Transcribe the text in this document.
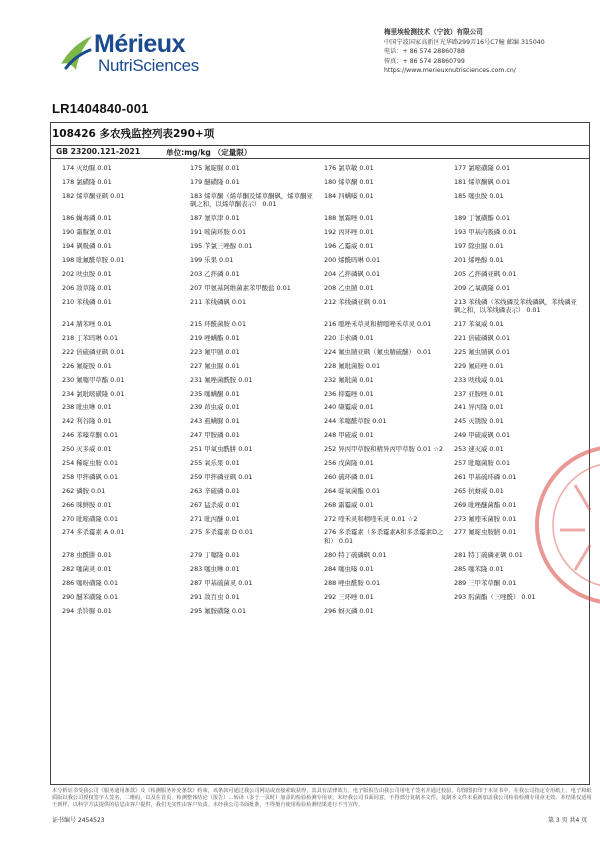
Mérieux
NutriSciences
梅里埃检测技术（宁波）有限公司
中国宁波国家高新区光华路299弄16号C7幢 邮编 315040
电话：+ 86 574 28860788
传真：+ 86 574 28860799
https://www.merieuxnutrisciences.com.cn/
LR1404840-001
108426 多农残监控列表290+项
GB 23200.121-2021	单位:mg/kg （定量限）
174 灭幼脲 0.01	175 氟啶脲 0.01	176 氯草敏 0.01	177 氯嘧磺隆 0.01
178 氯磺隆 0.01	179 醚磺隆 0.01	180 烯草酮 0.01	181 烯草酮砜 0.01
182 烯草酮亚砜 0.01	183 烯草酮（烯草酮及烯草酮砜，烯草酮亚砜之和，以烯草酮表示） 0.01
184 四螨嗪 0.01	185 噻虫胺 0.01
186 蝇毒磷 0.01	187 氰草津 0.01	188 氰霜唑 0.01	189 丁氰磺酯 0.01
190 霜脲氰 0.01	191 嘧菌环胺 0.01	192 丙环唑 0.01	193 甲基内吸磷 0.01
194 砜吸磷 0.01	195 苄氯三唑醇 0.01	196 乙霉威 0.01	197 除虫脲 0.01
198 吡氟酰草胺 0.01	199 乐果 0.01	200 烯酰吗啉 0.01	201 烯唑醇 0.01
202 呋虫胺 0.01	203 乙拌磷 0.01	204 乙拌磷砜 0.01	205 乙拌磷亚砜 0.01
206 敌草隆 0.01	207 甲氨基阿维菌素苯甲酸盐 0.01	208 乙虫腈 0.01	209 乙氧磺隆 0.01
210 苯线磷 0.01	211 苯线磷砜 0.01	212 苯线磷亚砜 0.01	213 苯线磷（苯线磷及苯线磷砜，苯线磷亚砜之和，以苯线磷表示） 0.01
214 腈苯唑 0.01	215 环酰菌胺 0.01	216 噁唑禾草灵和精噁唑禾草灵 0.01	217 苯氧威 0.01
218 丁苯吗啉 0.01	219 唑螨酯 0.01	220 丰索磷 0.01	221 倍硫磷砜 0.01
222 倍硫磷亚砜 0.01	223 氟甲腈 0.01	224 氟虫腈亚砜（氟虫腈硫醚） 0.01	225 氟虫腈砜 0.01
226 氟啶胺 0.01	227 氟虫脲 0.01	228 氟吡菌胺 0.01	229 氟硅唑 0.01
230 氟噻甲草酯 0.01	231 氟唑菌酰胺 0.01	232 氟吡菌 0.01	233 呋线威 0.01
234 氯吡嘧磺隆 0.01	235 噻螨酮 0.01	236 抑霉唑 0.01	237 亚胺唑 0.01
238 吡虫啉 0.01	239 茚虫威 0.01	240 缬霉威 0.01	241 异丙隆 0.01
242 利谷隆 0.01	243 虱螨脲 0.01	244 苯噻酰草胺 0.01	245 灭锈胺 0.01
246 苯嗪草酮 0.01	247 甲胺磷 0.01	248 甲硫威 0.01	249 甲硫威砜 0.01
250 灭多威 0.01	251 甲氧虫酰肼 0.01	252 异丙甲草胺和精异丙甲草胺 0.01 ☆2	253 速灭威 0.01
254 稀啶虫胺 0.01	255 氧乐果 0.01	256 戊菌隆 0.01	257 吡噻菌胺 0.01
258 甲拌磷砜 0.01	259 甲拌磷亚砜 0.01	260 硫环磷 0.01	261 甲基硫环磷 0.01
262 磷胺 0.01	263 辛硫磷 0.01	264 啶氧菌酯 0.01	265 抗蚜威 0.01
266 咪鲜胺 0.01	267 猛杀威 0.01	268 霜霉威 0.01	269 吡唑醚菌酯 0.01
270 吡嘧磺隆 0.01	271 吡丙醚 0.01	272 喹禾灵和精喹禾灵 0.01 ☆2	273 氟喹禾菌胺 0.01
274 多杀霉素 A 0.01	275 多杀霉素 D 0.01	276 多杀霉素（多杀霉素A和多杀霉素D之和） 0.01
277 氟啶虫胺腈 0.01
278 虫酰肼 0.01	279 丁噻隆 0.01	280 特丁硫磷砜 0.01	281 特丁硫磷亚砜 0.01
282 噻菌灵 0.01	283 噻虫啉 0.01	284 噻虫嗪 0.01	285 噻苯隆 0.01
286 噻吩磺隆 0.01	287 甲基硫菌灵 0.01	288 唑虫酰胺 0.01	289 三甲苯草酮 0.01
290 醚苯磺隆 0.01	291 敌百虫 0.01	292 三环唑 0.01	293 肟菌酯（三唑酰） 0.01
294 杀铃脲 0.01	295 氟胺磺隆 0.01	296 蚜灭磷 0.01
本分析证书受我公司《服务通用条款》及《检测服务补充条款》约束，该条款可通过我公司网站或直接索取获得，其具有法律效力。电子版报告由我公司用电子签名并通过校验。印图图扣印于本证书中，在我公司指定专用纸上，电子和纸质版以我公司授权签字人签名，二维码，以及在首页、检测整体结论（报告）…转译（多于一页时）加盖的检验检测专用章。未经我公司书面同意，不得部分复制本文件。复制本文件未重新加盖我公司检验检测专用章无效。本结果仅适用于到样，以科学方法提供的信息由客户提供，我们无实性由客户负责。未经我公司书面批准，不得擅自使用检验检测结果进行不当宣传。
证书编号 2454523	第 3 页 共4 页
